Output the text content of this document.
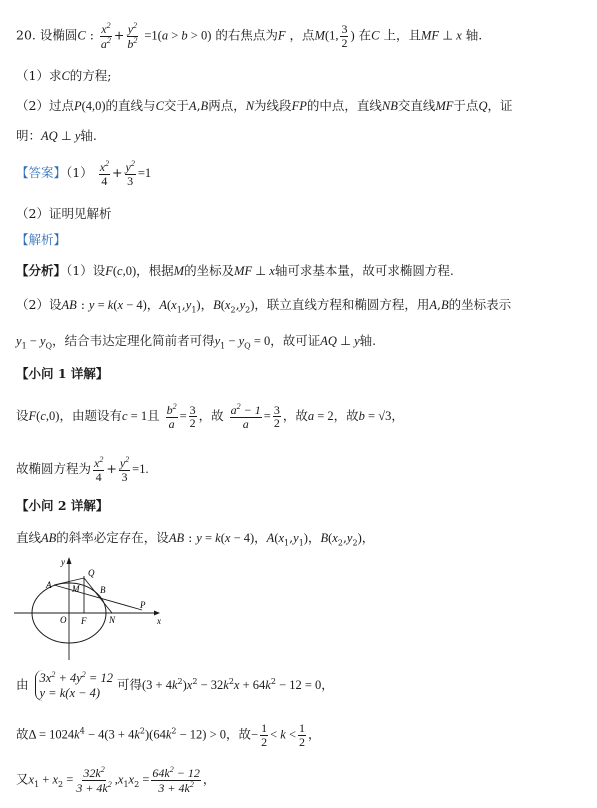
20. 设椭圆C : $\frac{x^2}{a^2} + \frac{y^2}{b^2} =1(a > b > 0)$ 的右焦点为F ，点M(1, $\frac{3}{2}$ ) 在C 上，且MF ⊥ x 轴.
（1）求C的方程;
（2）过点P(4,0)的直线与C交于A,B两点，N为线段FP的中点，直线NB交直线MF于点Q，证
明：AQ ⊥ y轴.
【答案】$(1) \frac{x^2}{4} + \frac{y^2}{3} =1$
（2）证明见解析
【解析】
【分析】（1）设F(c,0)，根据M的坐标及MF ⊥ x轴可求基本量，故可求椭圆方程.
（2）设AB : y = k(x − 4)，$A(x_1,y_1)$，$B(x_2,y_2)$，联立直线方程和椭圆方程，用A,B的坐标表示
$y_1 - y_Q$，结合韦达定理化简前者可得$y_1 - y_Q = 0$，故可证AQ ⊥ y轴.
【小问 1 详解】
设F(c,0)，由题设有c = 1且 $\frac{b^2}{a} = \frac{3}{2}$ ，故 $\frac{a^2 - 1}{a} = \frac{3}{2}$ ，故a = 2，故b = √3，
故椭圆方程为 $\frac{x^2}{4} + \frac{y^2}{3} =1$.
【小问 2 详解】
直线AB的斜率必定存在，设AB : y = k(x − 4)，$A(x_1,y_1)$，$B(x_2,y_2)$，
y
x
O F	N
P
A	B
M
Q
由 $3x^2 + 4y^2 = 12$
y = k(x − 4)
可得$(3 + 4k^2)x^2 - 32k^2x + 64k^2 - 12 = 0$，
故$\Delta = 1024k^4 - 4(3 + 4k^2)(64k^2 - 12) > 0$，故− $\frac{1}{2} < k < \frac{1}{2}$ ，
又$x_1 + x_2 = \frac{32k^2}{3 + 4k^2} ,x_1x_2 = \frac{64k^2 - 12}{3 + 4k^2}$ ，
